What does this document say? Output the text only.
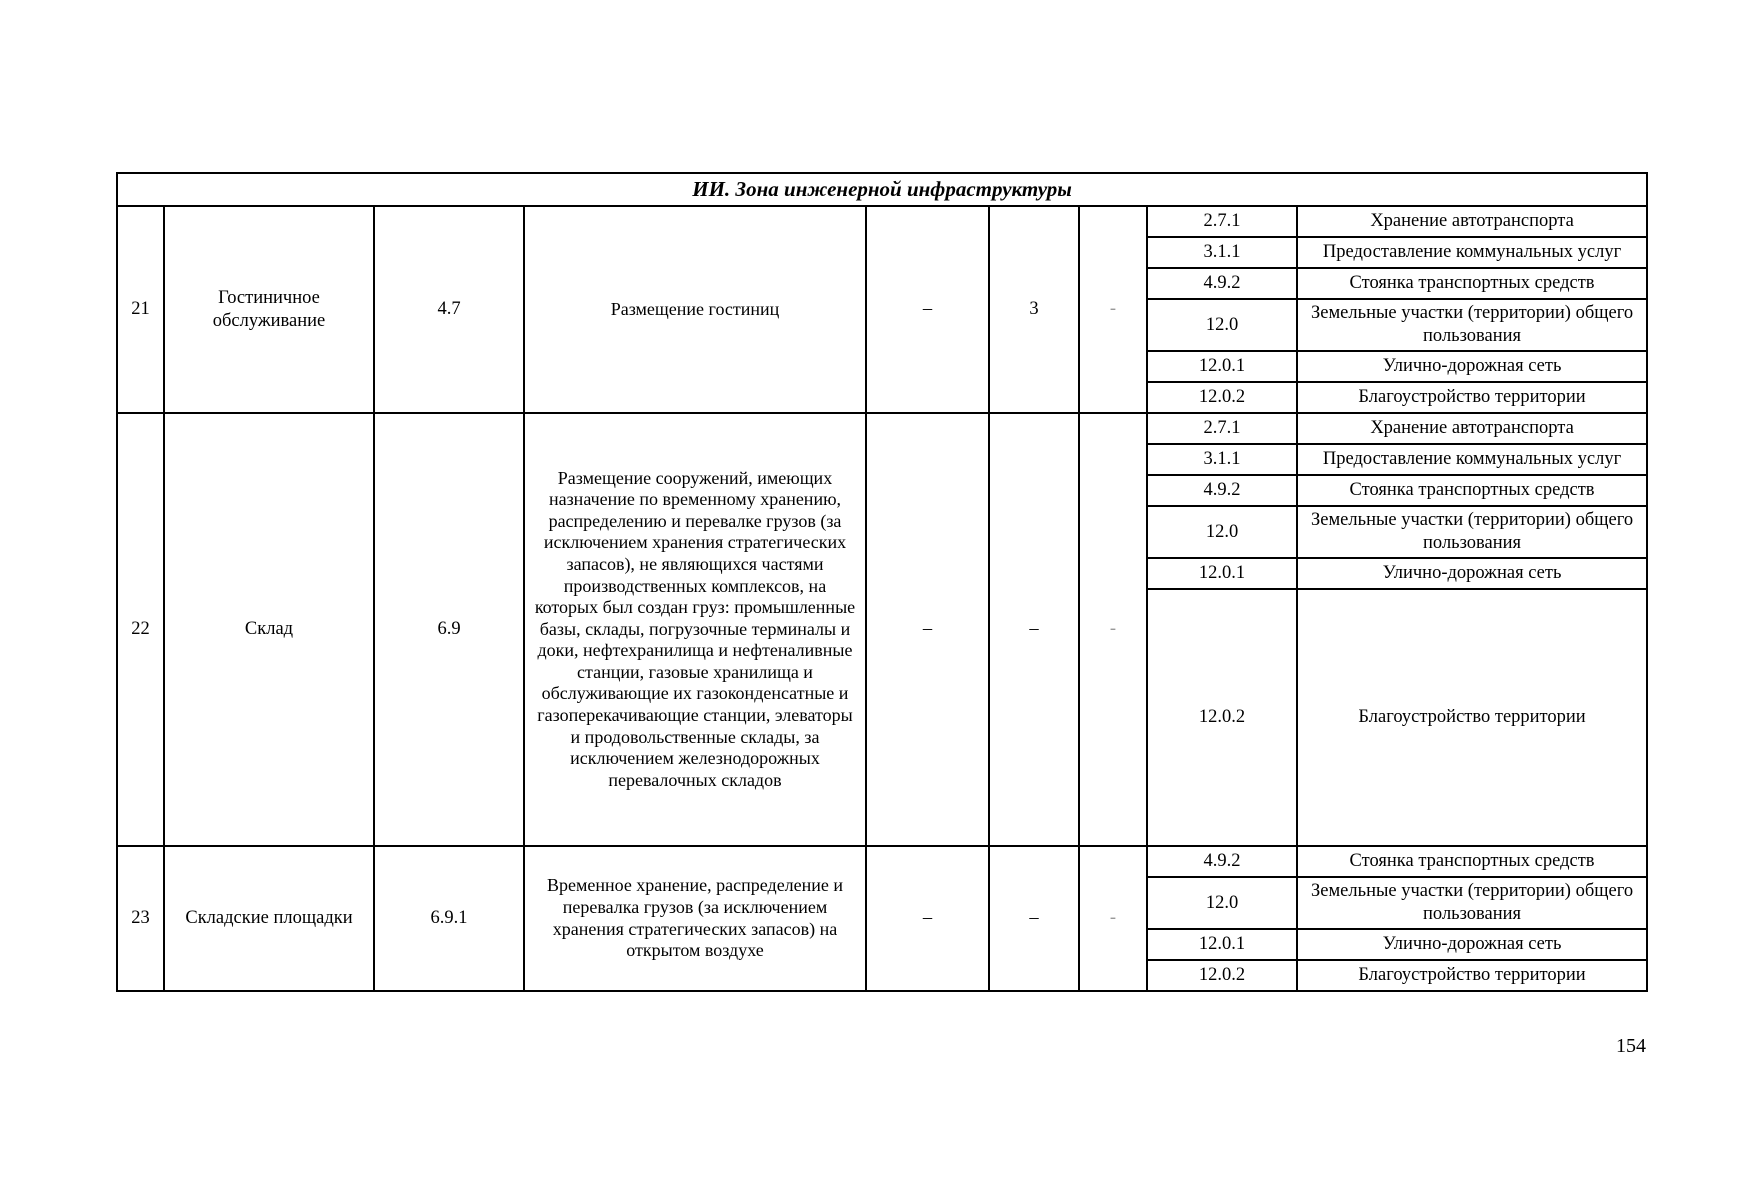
ИИ. Зона инженерной инфраструктуры								
21	Гостиничное обслуживание	4.7	Размещение гостиниц	–	3	-	2.7.1	Хранение автотранспорта
							3.1.1	Предоставление коммунальных услуг
							4.9.2	Стоянка транспортных средств
							12.0	Земельные участки (территории) общего пользования
							12.0.1	Улично-дорожная сеть
							12.0.2	Благоустройство территории
22	Склад	6.9	Размещение сооружений, имеющих назначение по временному хранению, распределению и перевалке грузов (за исключением хранения стратегических запасов), не являющихся частями производственных комплексов, на которых был создан груз: промышленные базы, склады, погрузочные терминалы и доки, нефтехранилища и нефтеналивные станции, газовые хранилища и обслуживающие их газоконденсатные и газоперекачивающие станции, элеваторы и продовольственные склады, за исключением железнодорожных перевалочных складов	–	–	-	2.7.1	Хранение автотранспорта
							3.1.1	Предоставление коммунальных услуг
							4.9.2	Стоянка транспортных средств
							12.0	Земельные участки (территории) общего пользования
							12.0.1	Улично-дорожная сеть
							12.0.2	Благоустройство территории
23	Складские площадки	6.9.1	Временное хранение, распределение и перевалка грузов (за исключением хранения стратегических запасов) на открытом воздухе	–	–	-	4.9.2	Стоянка транспортных средств
							12.0	Земельные участки (территории) общего пользования
							12.0.1	Улично-дорожная сеть
							12.0.2	Благоустройство территории
154
